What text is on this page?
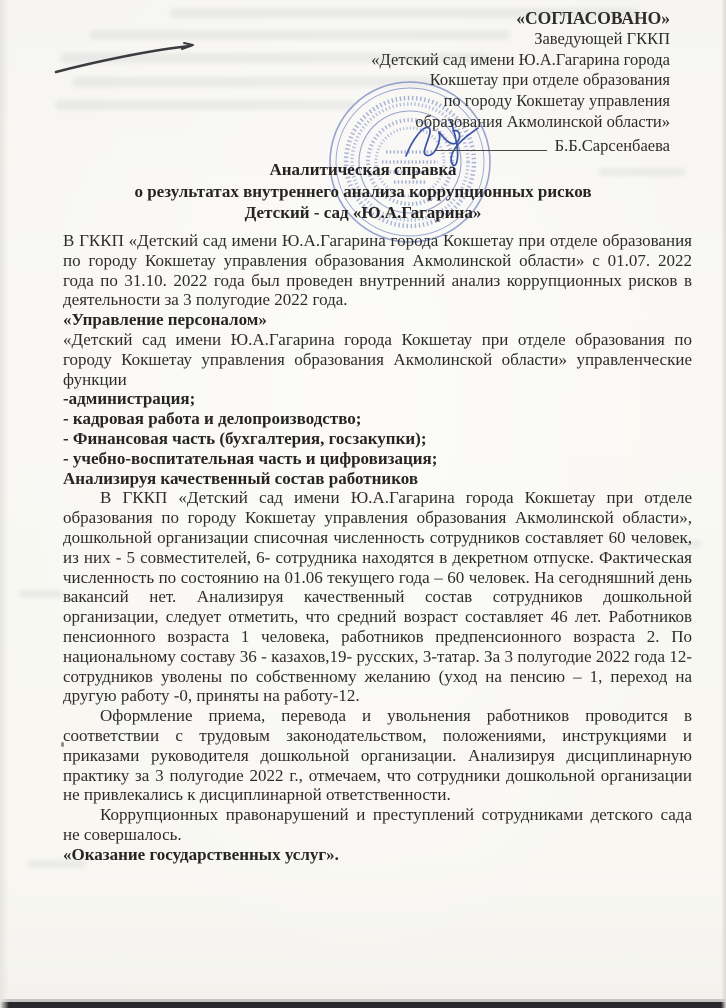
«СОГЛАСОВАНО»
Заведующей ГККП
«Детский сад имени Ю.А.Гагарина города
Кокшетау при отделе образования
по городу Кокшетау управления
образования Акмолинской области»
Б.Б.Сарсенбаева
Аналитическая справка
о результатах внутреннего анализа коррупционных рисков
Детский - сад «Ю.А.Гагарина»

В ГККП «Детский сад имени Ю.А.Гагарина города Кокшетау при отделе образования по городу Кокшетау управления образования Акмолинской области» с 01.07. 2022 года по 31.10. 2022 года был проведен внутренний анализ коррупционных рисков в деятельности за 3 полугодие 2022 года.

«Управление персоналом»

«Детский сад имени Ю.А.Гагарина города Кокшетау при отделе образования по городу Кокшетау управления образования Акмолинской области» управленческие функции

-администрация;

- кадровая работа и делопроизводство;

- Финансовая часть (бухгалтерия, госзакупки);

- учебно-воспитательная часть и цифровизация;

Анализируя качественный состав работников

В ГККП «Детский сад имени Ю.А.Гагарина города Кокшетау при отделе образования по городу Кокшетау управления образования Акмолинской области», дошкольной организации списочная численность сотрудников составляет 60 человек, из них - 5 совместителей, 6- сотрудника находятся в декретном отпуске. Фактическая численность по состоянию на 01.06 текущего года – 60 человек. На сегодняшний день вакансий нет. Анализируя качественный состав сотрудников дошкольной организации, следует отметить, что средний возраст составляет 46 лет. Работников пенсионного возраста 1 человека, работников предпенсионного возраста 2. По национальному составу 36 - казахов,19- русских, 3-татар. За 3 полугодие 2022 года 12- сотрудников уволены по собственному желанию (уход на пенсию – 1, переход на другую работу -0, приняты на работу-12.

Оформление приема, перевода и увольнения работников проводится в соответствии с трудовым законодательством, положениями, инструкциями и приказами руководителя дошкольной организации. Анализируя дисциплинарную практику за 3 полугодие 2022 г., отмечаем, что сотрудники дошкольной организации не привлекались к дисциплинарной ответственности.

Коррупционных правонарушений и преступлений сотрудниками детского сада не совершалось.

«Оказание государственных услуг».
